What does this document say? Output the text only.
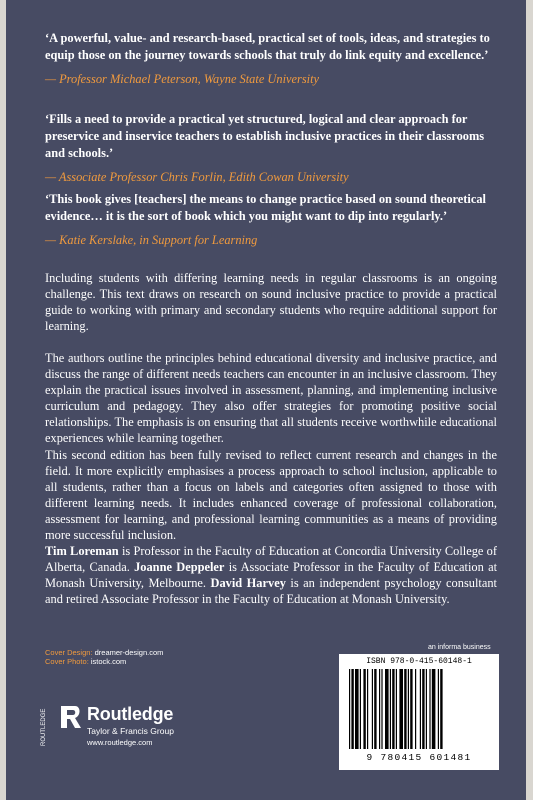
‘A powerful, value- and research-based, practical set of tools, ideas, and strategies to equip those on the journey towards schools that truly do link equity and excellence.’

— Professor Michael Peterson, Wayne State University

‘Fills a need to provide a practical yet structured, logical and clear approach for preservice and inservice teachers to establish inclusive practices in their classrooms and schools.’

— Associate Professor Chris Forlin, Edith Cowan University

‘This book gives [teachers] the means to change practice based on sound theoretical evidence… it is the sort of book which you might want to dip into regularly.’

— Katie Kerslake, in Support for Learning

Including students with differing learning needs in regular classrooms is an ongoing challenge. This text draws on research on sound inclusive practice to provide a practical guide to working with primary and secondary students who require additional support for learning.

The authors outline the principles behind educational diversity and inclusive practice, and discuss the range of different needs teachers can encounter in an inclusive classroom. They explain the practical issues involved in assessment, planning, and implementing inclusive curriculum and pedagogy. They also offer strategies for promoting positive social relationships. The emphasis is on ensuring that all students receive worthwhile educational experiences while learning together.

This second edition has been fully revised to reflect current research and changes in the field. It more explicitly emphasises a process approach to school inclusion, applicable to all students, rather than a focus on labels and categories often assigned to those with different learning needs. It includes enhanced coverage of professional collaboration, assessment for learning, and professional learning communities as a means of providing more successful inclusion.

Tim Loreman is Professor in the Faculty of Education at Concordia University College of Alberta, Canada. Joanne Deppeler is Associate Professor in the Faculty of Education at Monash University, Melbourne. David Harvey is an independent psychology consultant and retired Associate Professor in the Faculty of Education at Monash University.

Cover Design: dreamer-design.com
Cover Photo: istock.com
ROUTLEDGE Routledge
Taylor & Francis Group
www.routledge.com
an informa business
ISBN 978-0-415-60148-1
9 780415 601481
